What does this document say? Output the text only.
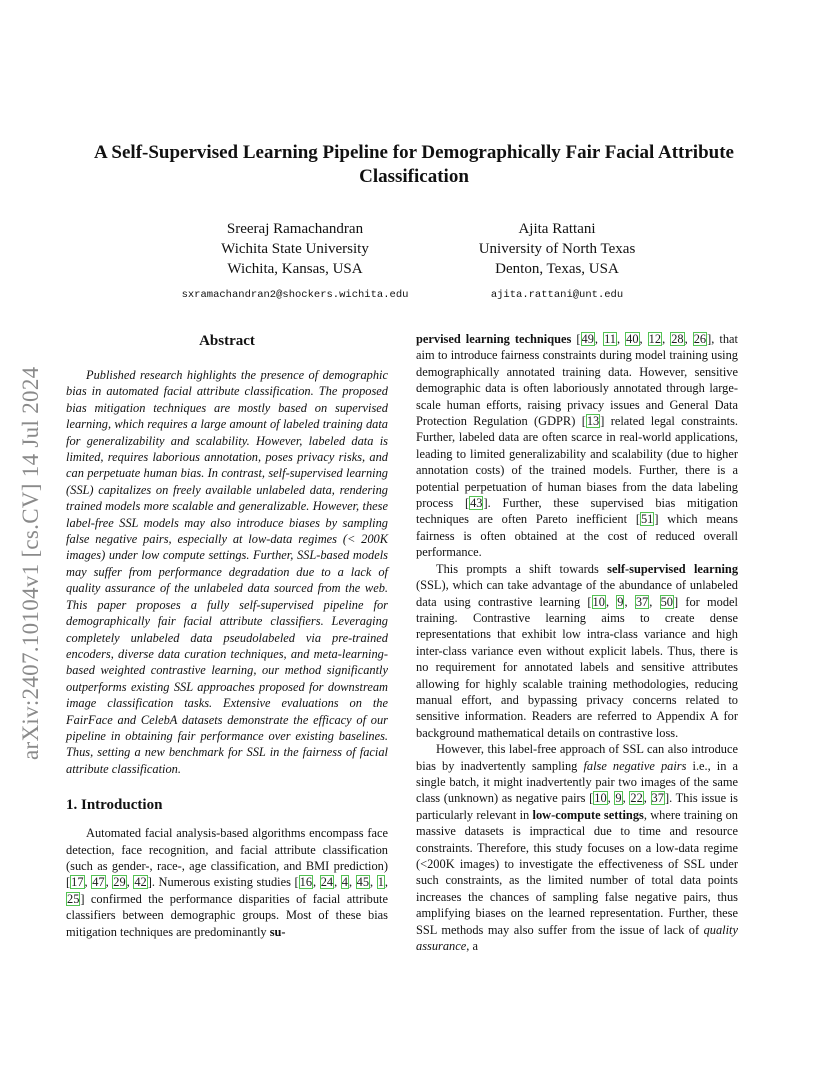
arXiv:2407.10104v1 [cs.CV] 14 Jul 2024
A Self-Supervised Learning Pipeline for Demographically Fair Facial Attribute Classification
Sreeraj Ramachandran
Wichita State University
Wichita, Kansas, USA
sxramachandran2@shockers.wichita.edu
Ajita Rattani
University of North Texas
Denton, Texas, USA
ajita.rattani@unt.edu
Abstract

Published research highlights the presence of demographic bias in automated facial attribute classification. The proposed bias mitigation techniques are mostly based on supervised learning, which requires a large amount of labeled training data for generalizability and scalability. However, labeled data is limited, requires laborious annotation, poses privacy risks, and can perpetuate human bias. In contrast, self-supervised learning (SSL) capitalizes on freely available unlabeled data, rendering trained models more scalable and generalizable. However, these label-free SSL models may also introduce biases by sampling false negative pairs, especially at low-data regimes (< 200K images) under low compute settings. Further, SSL-based models may suffer from performance degradation due to a lack of quality assurance of the unlabeled data sourced from the web. This paper proposes a fully self-supervised pipeline for demographically fair facial attribute classifiers. Leveraging completely unlabeled data pseudolabeled via pre-trained encoders, diverse data curation techniques, and meta-learning-based weighted contrastive learning, our method significantly outperforms existing SSL approaches proposed for downstream image classification tasks. Extensive evaluations on the FairFace and CelebA datasets demonstrate the efficacy of our pipeline in obtaining fair performance over existing baselines. Thus, setting a new benchmark for SSL in the fairness of facial attribute classification.

1. Introduction

Automated facial analysis-based algorithms encompass face detection, face recognition, and facial attribute classification (such as gender-, race-, age classification, and BMI prediction) [17, 47, 29, 42]. Numerous existing studies [16, 24, 4, 45, 1, 25] confirmed the performance disparities of facial attribute classifiers between demographic groups. Most of these bias mitigation techniques are predominantly su-

pervised learning techniques [49, 11, 40, 12, 28, 26], that aim to introduce fairness constraints during model training using demographically annotated training data. However, sensitive demographic data is often laboriously annotated through large-scale human efforts, raising privacy issues and General Data Protection Regulation (GDPR) [13] related legal constraints. Further, labeled data are often scarce in real-world applications, leading to limited generalizability and scalability (due to higher annotation costs) of the trained models. Further, there is a potential perpetuation of human biases from the data labeling process [43]. Further, these supervised bias mitigation techniques are often Pareto inefficient [51] which means fairness is often obtained at the cost of reduced overall performance.

This prompts a shift towards self-supervised learning (SSL), which can take advantage of the abundance of unlabeled data using contrastive learning [10, 9, 37, 50] for model training. Contrastive learning aims to create dense representations that exhibit low intra-class variance and high inter-class variance even without explicit labels. Thus, there is no requirement for annotated labels and sensitive attributes allowing for highly scalable training methodologies, reducing manual effort, and bypassing privacy concerns related to sensitive information. Readers are referred to Appendix A for background mathematical details on contrastive loss.

However, this label-free approach of SSL can also introduce bias by inadvertently sampling false negative pairs i.e., in a single batch, it might inadvertently pair two images of the same class (unknown) as negative pairs [10, 9, 22, 37]. This issue is particularly relevant in low-compute settings, where training on massive datasets is impractical due to time and resource constraints. Therefore, this study focuses on a low-data regime (<200K images) to investigate the effectiveness of SSL under such constraints, as the limited number of total data points increases the chances of sampling false negative pairs, thus amplifying biases on the learned representation. Further, these SSL methods may also suffer from the issue of lack of quality assurance, a
